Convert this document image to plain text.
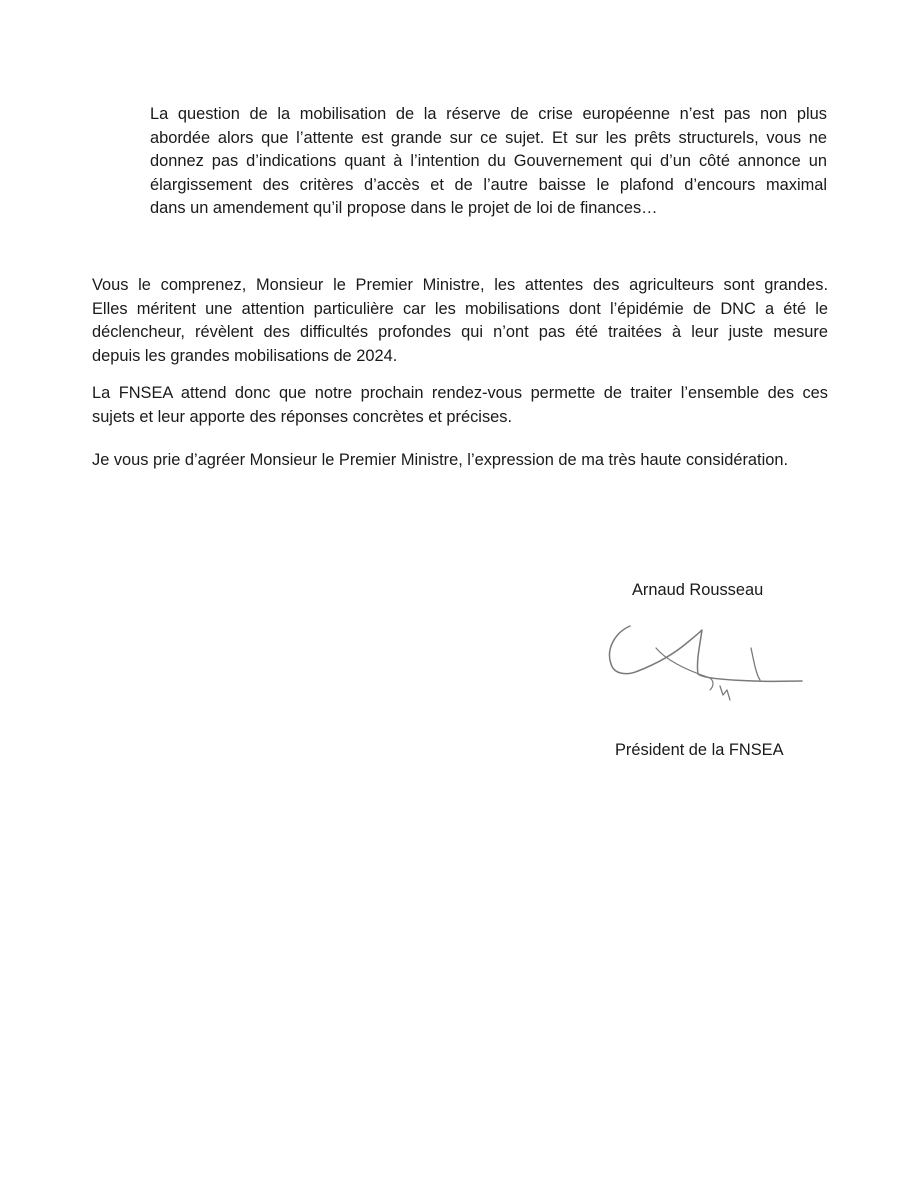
La question de la mobilisation de la réserve de crise européenne n’est pas non plus
abordée alors que l’attente est grande sur ce sujet. Et sur les prêts structurels, vous ne
donnez pas d’indications quant à l’intention du Gouvernement qui d’un côté annonce un
élargissement des critères d’accès et de l’autre baisse le plafond d’encours maximal
dans un amendement qu’il propose dans le projet de loi de finances…

Vous le comprenez, Monsieur le Premier Ministre, les attentes des agriculteurs sont grandes.
Elles méritent une attention particulière car les mobilisations dont l’épidémie de DNC a été le
déclencheur, révèlent des difficultés profondes qui n’ont pas été traitées à leur juste mesure
depuis les grandes mobilisations de 2024.

La FNSEA attend donc que notre prochain rendez-vous permette de traiter l’ensemble des ces
sujets et leur apporte des réponses concrètes et précises.

Je vous prie d’agréer Monsieur le Premier Ministre, l’expression de ma très haute considération.

Arnaud Rousseau
Président de la FNSEA
